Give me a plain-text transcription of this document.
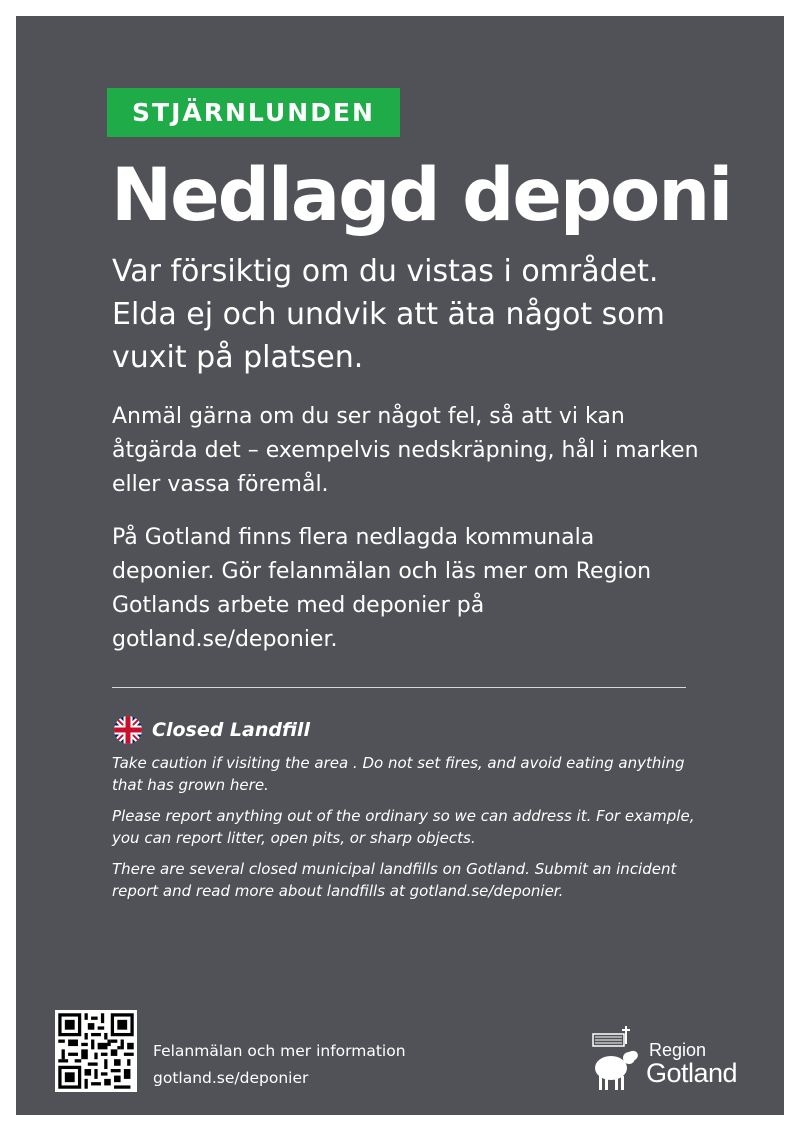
STJÄRNLUNDEN
Nedlagd deponi

Var försiktig om du vistas i området. Elda ej och undvik att äta något som vuxit på platsen.

Anmäl gärna om du ser något fel, så att vi kan åtgärda det – exempelvis nedskräpning, hål i marken eller vassa föremål.

På Gotland finns flera nedlagda kommunala deponier. Gör felanmälan och läs mer om Region Gotlands arbete med deponier på gotland.se/deponier.

Closed Landfill

Take caution if visiting the area . Do not set fires, and avoid eating anything that has grown here.

Please report anything out of the ordinary so we can address it. For example, you can report litter, open pits, or sharp objects.

There are several closed municipal landfills on Gotland. Submit an incident report and read more about landfills at gotland.se/deponier.

Felanmälan och mer information
gotland.se/deponier
Region
Gotland
